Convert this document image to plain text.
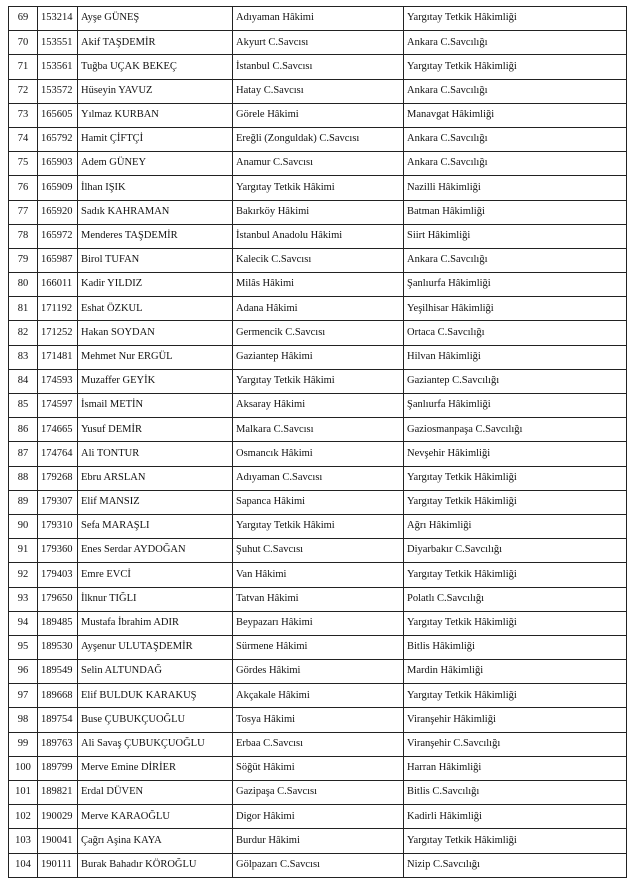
69	153214	Ayşe GÜNEŞ	Adıyaman Hâkimi	Yargıtay Tetkik Hâkimliği
70	153551	Akif TAŞDEMİR	Akyurt C.Savcısı	Ankara C.Savcılığı
71	153561	Tuğba UÇAK BEKEÇ	İstanbul C.Savcısı	Yargıtay Tetkik Hâkimliği
72	153572	Hüseyin YAVUZ	Hatay C.Savcısı	Ankara C.Savcılığı
73	165605	Yılmaz KURBAN	Görele Hâkimi	Manavgat Hâkimliği
74	165792	Hamit ÇİFTÇİ	Ereğli (Zonguldak) C.Savcısı	Ankara C.Savcılığı
75	165903	Adem GÜNEY	Anamur C.Savcısı	Ankara C.Savcılığı
76	165909	İlhan IŞIK	Yargıtay Tetkik Hâkimi	Nazilli Hâkimliği
77	165920	Sadık KAHRAMAN	Bakırköy Hâkimi	Batman Hâkimliği
78	165972	Menderes TAŞDEMİR	İstanbul Anadolu Hâkimi	Siirt Hâkimliği
79	165987	Birol TUFAN	Kalecik C.Savcısı	Ankara C.Savcılığı
80	166011	Kadir YILDIZ	Milâs Hâkimi	Şanlıurfa Hâkimliği
81	171192	Eshat ÖZKUL	Adana Hâkimi	Yeşilhisar Hâkimliği
82	171252	Hakan SOYDAN	Germencik C.Savcısı	Ortaca C.Savcılığı
83	171481	Mehmet Nur ERGÜL	Gaziantep Hâkimi	Hilvan Hâkimliği
84	174593	Muzaffer GEYİK	Yargıtay Tetkik Hâkimi	Gaziantep C.Savcılığı
85	174597	İsmail METİN	Aksaray Hâkimi	Şanlıurfa Hâkimliği
86	174665	Yusuf DEMİR	Malkara C.Savcısı	Gaziosmanpaşa C.Savcılığı
87	174764	Ali TONTUR	Osmancık Hâkimi	Nevşehir Hâkimliği
88	179268	Ebru ARSLAN	Adıyaman C.Savcısı	Yargıtay Tetkik Hâkimliği
89	179307	Elif MANSIZ	Sapanca Hâkimi	Yargıtay Tetkik Hâkimliği
90	179310	Sefa MARAŞLI	Yargıtay Tetkik Hâkimi	Ağrı Hâkimliği
91	179360	Enes Serdar AYDOĞAN	Şuhut C.Savcısı	Diyarbakır C.Savcılığı
92	179403	Emre EVCİ	Van Hâkimi	Yargıtay Tetkik Hâkimliği
93	179650	İlknur TIĞLI	Tatvan Hâkimi	Polatlı C.Savcılığı
94	189485	Mustafa İbrahim ADIR	Beypazarı Hâkimi	Yargıtay Tetkik Hâkimliği
95	189530	Ayşenur ULUTAŞDEMİR	Sürmene Hâkimi	Bitlis Hâkimliği
96	189549	Selin ALTUNDAĞ	Gördes Hâkimi	Mardin Hâkimliği
97	189668	Elif BULDUK KARAKUŞ	Akçakale Hâkimi	Yargıtay Tetkik Hâkimliği
98	189754	Buse ÇUBUKÇUOĞLU	Tosya Hâkimi	Viranşehir Hâkimliği
99	189763	Ali Savaş ÇUBUKÇUOĞLU	Erbaa C.Savcısı	Viranşehir C.Savcılığı
100	189799	Merve Emine DİRİER	Söğüt Hâkimi	Harran Hâkimliği
101	189821	Erdal DÜVEN	Gazipaşa C.Savcısı	Bitlis C.Savcılığı
102	190029	Merve KARAOĞLU	Digor Hâkimi	Kadirli Hâkimliği
103	190041	Çağrı Aşina KAYA	Burdur Hâkimi	Yargıtay Tetkik Hâkimliği
104	190111	Burak Bahadır KÖROĞLU	Gölpazarı C.Savcısı	Nizip C.Savcılığı
